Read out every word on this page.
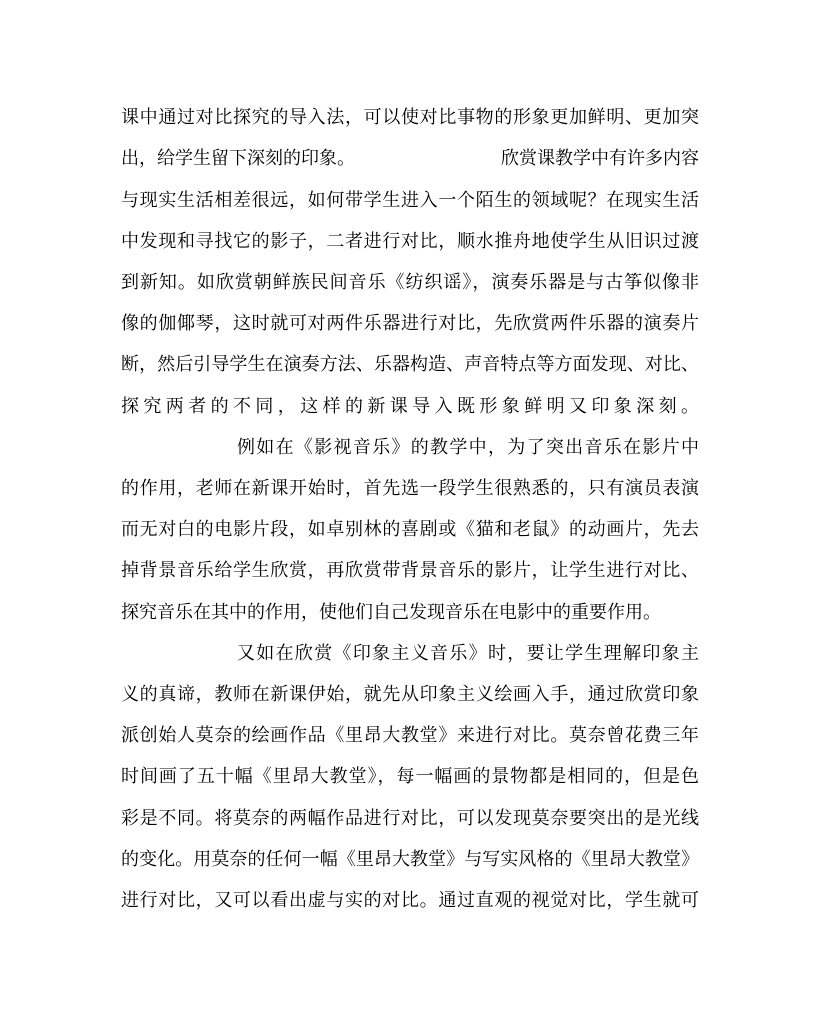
课中通过对比探究的导入法，可以使对比事物的形象更加鲜明、更加突
出，给学生留下深刻的印象。	欣赏课教学中有许多内容
与现实生活相差很远，如何带学生进入一个陌生的领域呢？在现实生活
中发现和寻找它的影子，二者进行对比，顺水推舟地使学生从旧识过渡
到新知。如欣赏朝鲜族民间音乐《纺织谣》，演奏乐器是与古筝似像非
像的伽倻琴，这时就可对两件乐器进行对比，先欣赏两件乐器的演奏片
断，然后引导学生在演奏方法、乐器构造、声音特点等方面发现、对比、
探究两者的不同，这样的新课导入既形象鲜明又印象深刻。
例如在《影视音乐》的教学中，为了突出音乐在影片中
的作用，老师在新课开始时，首先选一段学生很熟悉的，只有演员表演
而无对白的电影片段，如卓别林的喜剧或《猫和老鼠》的动画片，先去
掉背景音乐给学生欣赏，再欣赏带背景音乐的影片，让学生进行对比、
探究音乐在其中的作用，使他们自己发现音乐在电影中的重要作用。
又如在欣赏《印象主义音乐》时，要让学生理解印象主
义的真谛，教师在新课伊始，就先从印象主义绘画入手，通过欣赏印象
派创始人莫奈的绘画作品《里昂大教堂》来进行对比。莫奈曾花费三年
时间画了五十幅《里昂大教堂》，每一幅画的景物都是相同的，但是色
彩是不同。将莫奈的两幅作品进行对比，可以发现莫奈要突出的是光线
的变化。用莫奈的任何一幅《里昂大教堂》与写实风格的《里昂大教堂》
进行对比，又可以看出虚与实的对比。通过直观的视觉对比，学生就可
